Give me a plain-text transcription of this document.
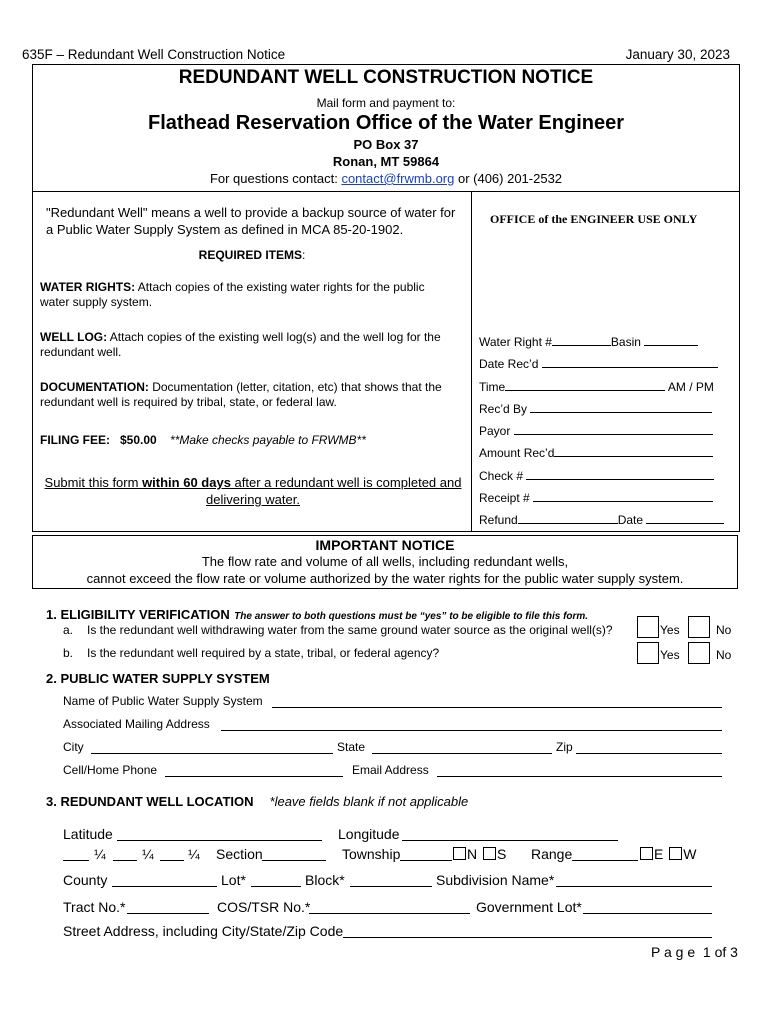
635F – Redundant Well Construction Notice	January 30, 2023
REDUNDANT WELL CONSTRUCTION NOTICE
Mail form and payment to:
Flathead Reservation Office of the Water Engineer
PO Box 37
Ronan, MT 59864
For questions contact: contact@frwmb.org or (406) 201-2532
"Redundant Well" means a well to provide a backup source of water for a Public Water Supply System as defined in MCA 85-20-1902.
REQUIRED ITEMS:
WATER RIGHTS: Attach copies of the existing water rights for the public water supply system.
WELL LOG: Attach copies of the existing well log(s) and the well log for the redundant well.
DOCUMENTATION: Documentation (letter, citation, etc) that shows that the redundant well is required by tribal, state, or federal law.
FILING FEE:   $50.00    **Make checks payable to FRWMB**
Submit this form within 60 days after a redundant well is completed and delivering water.
OFFICE of the ENGINEER USE ONLY
Water Right #	Basin
Date Rec’d
Time	AM / PM
Rec’d By
Payor
Amount Rec’d
Check #
Receipt #
Refund	Date
IMPORTANT NOTICE
The flow rate and volume of all wells, including redundant wells,
cannot exceed the flow rate or volume authorized by the water rights for the public water supply system.
1. ELIGIBILITY VERIFICATION The answer to both questions must be “yes” to be eligible to file this form.
a. Is the redundant well withdrawing water from the same ground water source as the original well(s)?
b. Is the redundant well required by a state, tribal, or federal agency?
Yes	No
Yes	No
2. PUBLIC WATER SUPPLY SYSTEM
Name of Public Water Supply System
Associated Mailing Address
City	State	Zip
Cell/Home Phone	Email Address
3. REDUNDANT WELL LOCATION *leave fields blank if not applicable
Latitude	Longitude
¼	¼ ¼ Section	Township	N S Range	E W
County	Lot*	Block*	Subdivision Name*
Tract No.*	COS/TSR No.*	Government Lot*
Street Address, including City/State/Zip Code
P a g e  1 of 3
